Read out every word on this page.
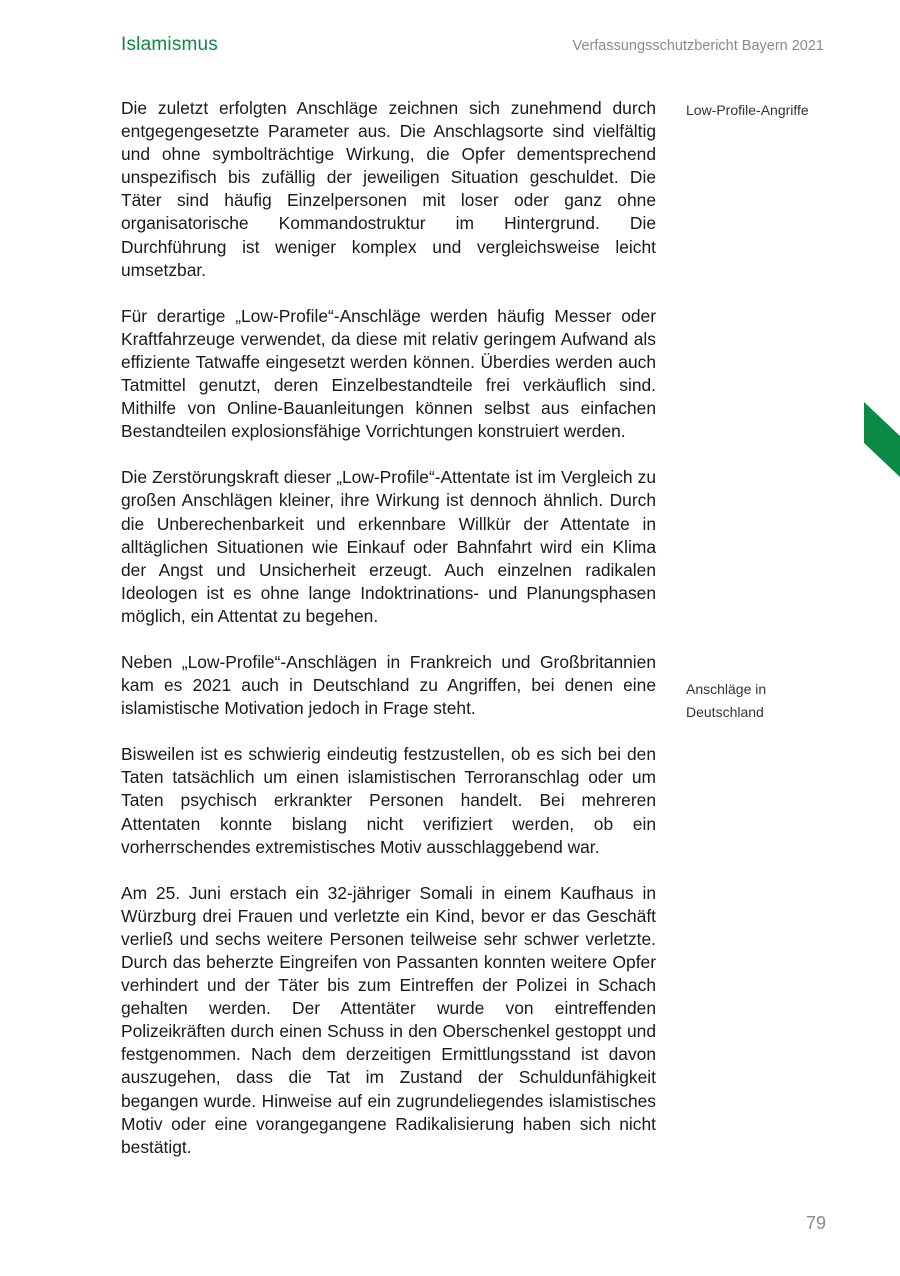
Islamismus	Verfassungsschutzbericht Bayern 2021

Die zuletzt erfolgten Anschläge zeichnen sich zunehmend durch entgegengesetzte Parameter aus. Die Anschlagsorte sind vielfältig und ohne symbolträchtige Wirkung, die Opfer dementsprechend unspezifisch bis zufällig der jeweiligen Situation geschuldet. Die Täter sind häufig Einzelpersonen mit loser oder ganz ohne organisatorische Kommandostruktur im Hintergrund. Die Durchführung ist weniger komplex und vergleichsweise leicht umsetzbar.

Für derartige „Low-Profile“-Anschläge werden häufig Messer oder Kraftfahrzeuge verwendet, da diese mit relativ geringem Aufwand als effiziente Tatwaffe eingesetzt werden können. Überdies werden auch Tatmittel genutzt, deren Einzelbestandteile frei verkäuflich sind. Mithilfe von Online-Bauanleitungen können selbst aus einfachen Bestandteilen explosionsfähige Vorrichtungen konstruiert werden.

Die Zerstörungskraft dieser „Low-Profile“-Attentate ist im Vergleich zu großen Anschlägen kleiner, ihre Wirkung ist dennoch ähnlich. Durch die Unberechenbarkeit und erkennbare Willkür der Attentate in alltäglichen Situationen wie Einkauf oder Bahnfahrt wird ein Klima der Angst und Unsicherheit erzeugt. Auch einzelnen radikalen Ideologen ist es ohne lange Indoktrinations- und Planungsphasen möglich, ein Attentat zu begehen.

Neben „Low-Profile“-Anschlägen in Frankreich und Großbritannien kam es 2021 auch in Deutschland zu Angriffen, bei denen eine islamistische Motivation jedoch in Frage steht.

Bisweilen ist es schwierig eindeutig festzustellen, ob es sich bei den Taten tatsächlich um einen islamistischen Terroranschlag oder um Taten psychisch erkrankter Personen handelt. Bei mehreren Attentaten konnte bislang nicht verifiziert werden, ob ein vorherrschendes extremistisches Motiv ausschlaggebend war.

Am 25. Juni erstach ein 32-jähriger Somali in einem Kaufhaus in Würzburg drei Frauen und verletzte ein Kind, bevor er das Geschäft verließ und sechs weitere Personen teilweise sehr schwer verletzte. Durch das beherzte Eingreifen von Passanten konnten weitere Opfer verhindert und der Täter bis zum Eintreffen der Polizei in Schach gehalten werden. Der Attentäter wurde von eintreffenden Polizeikräften durch einen Schuss in den Oberschenkel gestoppt und festgenommen. Nach dem derzeitigen Ermittlungsstand ist davon auszugehen, dass die Tat im Zustand der Schuldunfähigkeit begangen wurde. Hinweise auf ein zugrundeliegendes islamistisches Motiv oder eine vorangegangene Radikalisierung haben sich nicht bestätigt.

Low-Profile-Angriffe
Anschläge in Deutschland
79
